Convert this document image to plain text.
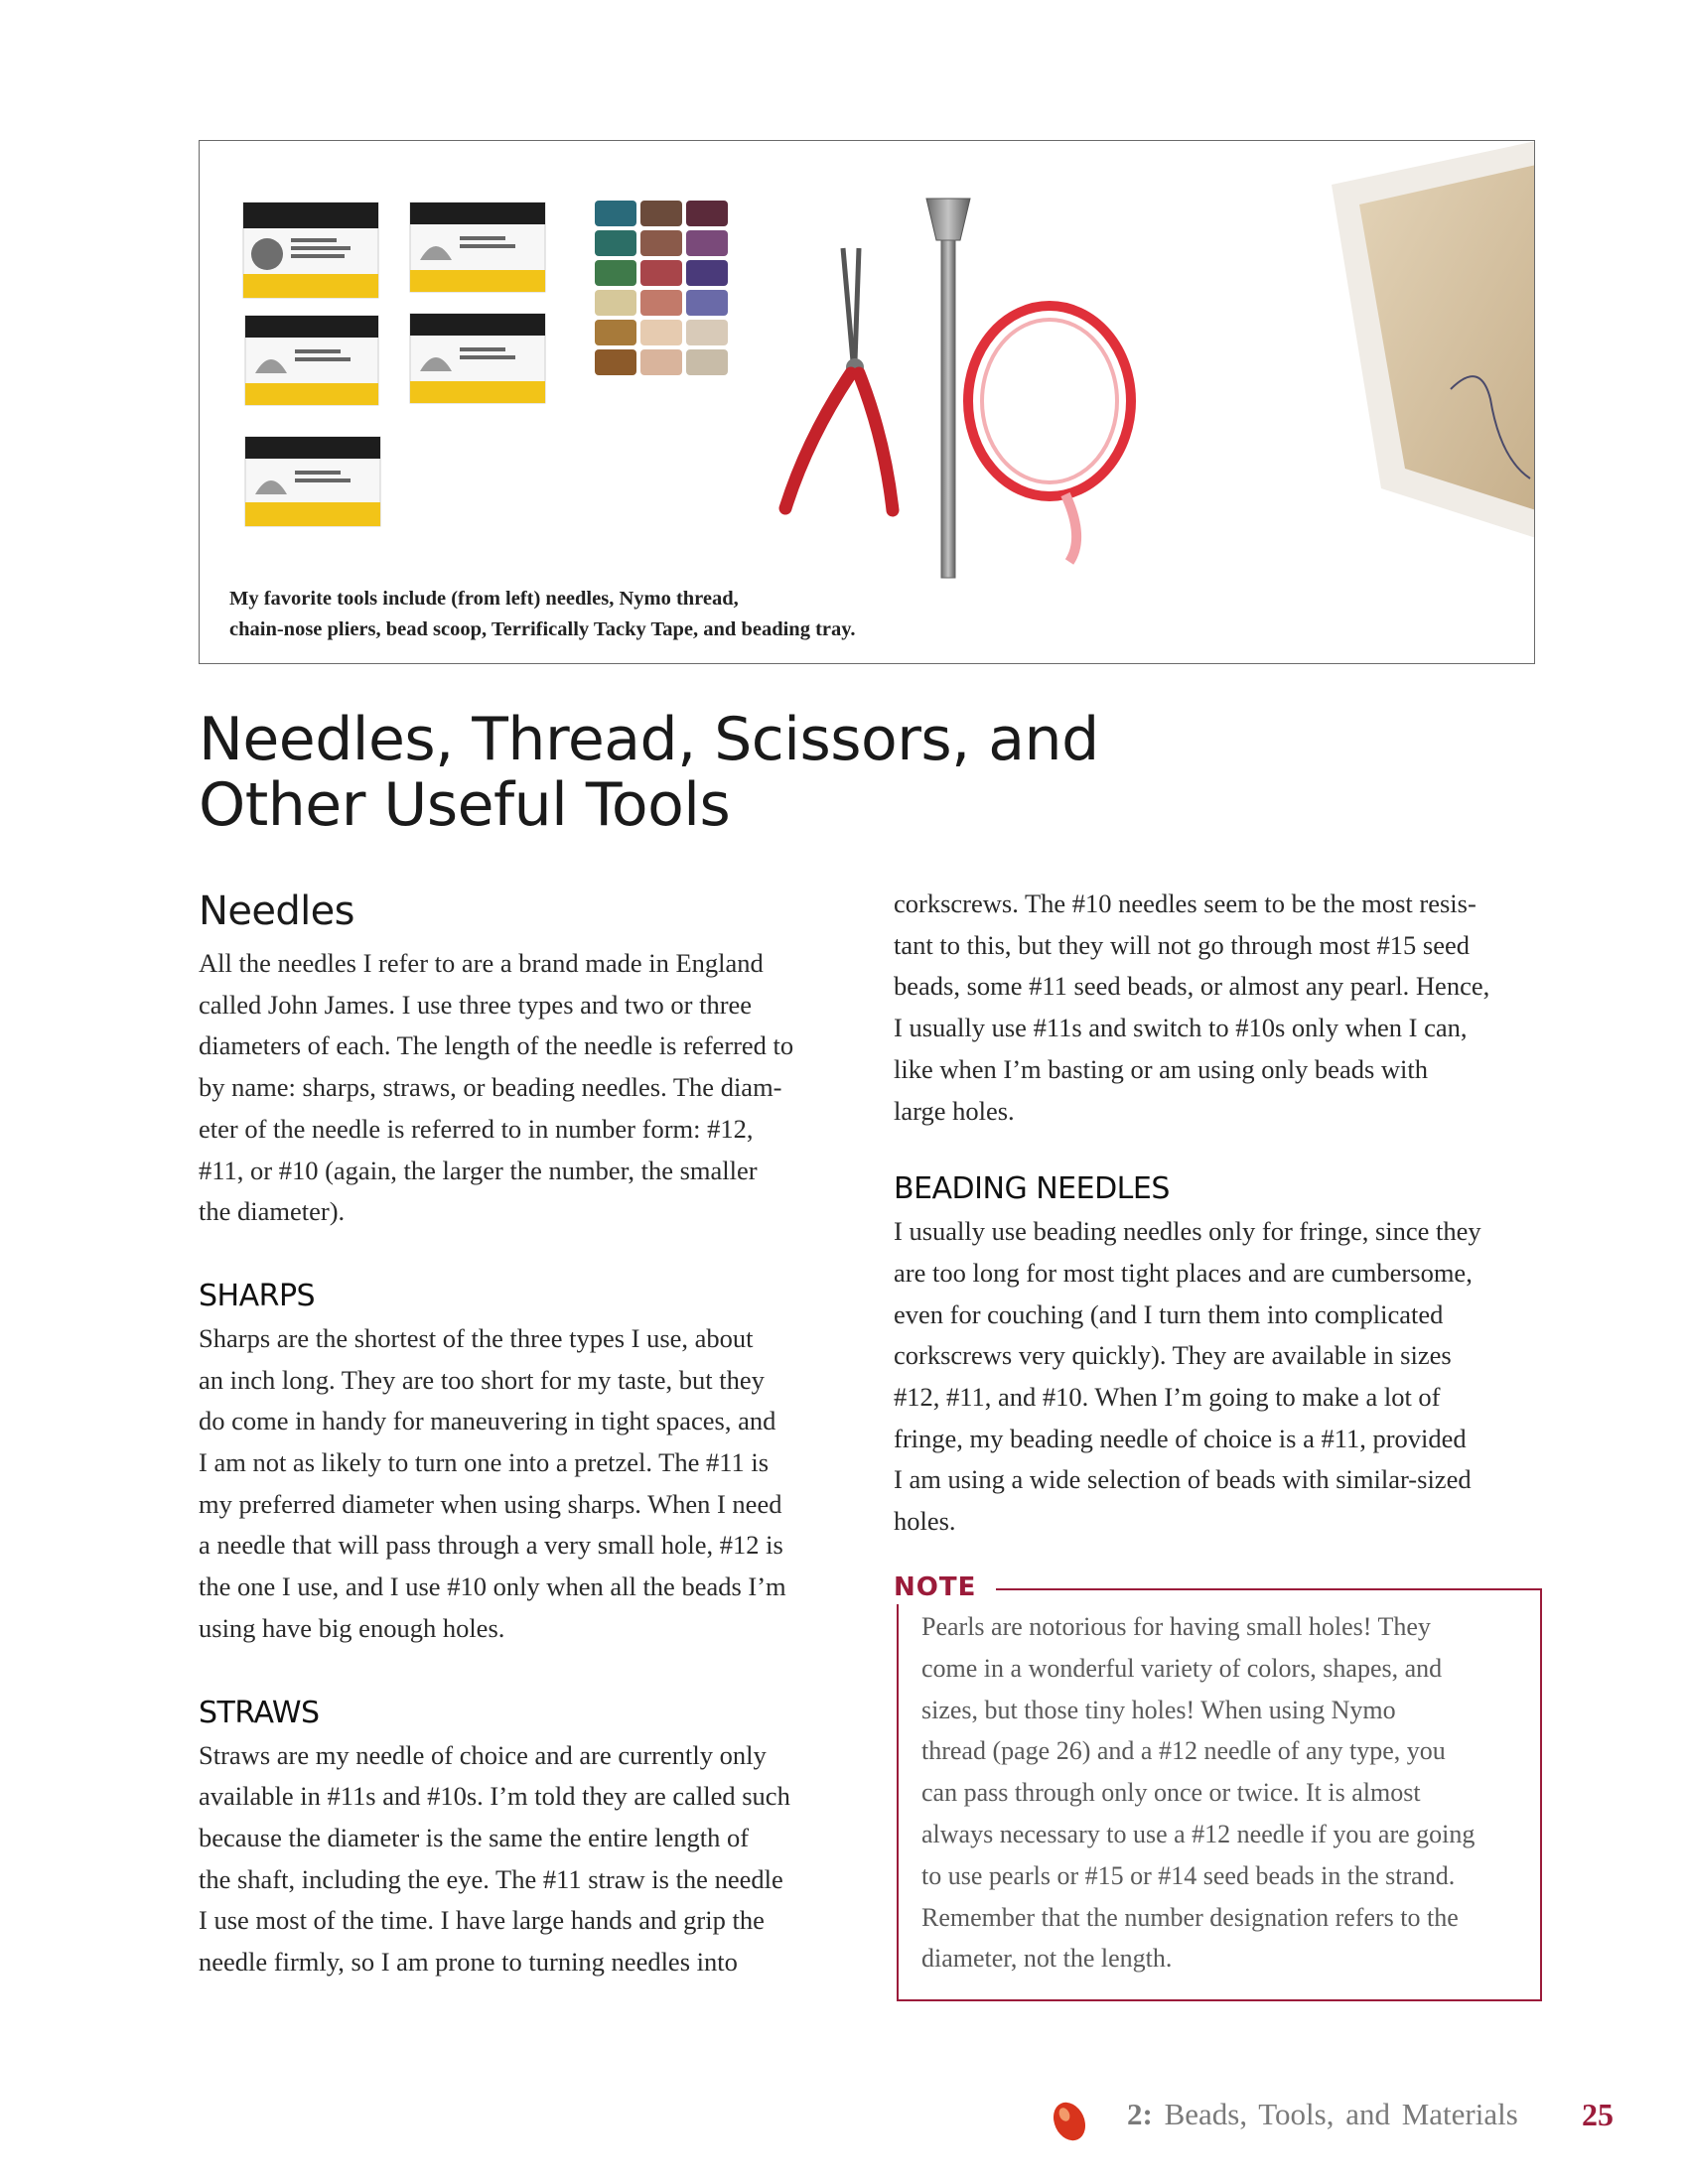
My favorite tools include (from left) needles, Nymo thread,
chain-nose pliers, bead scoop, Terrifically Tacky Tape, and beading tray.
Needles, Thread, Scissors, and
Other Useful Tools
Needles

All the needles I refer to are a brand made in England
called John James. I use three types and two or three
diameters of each. The length of the needle is referred to
by name: sharps, straws, or beading needles. The diam-
eter of the needle is referred to in number form: #12,
#11, or #10 (again, the larger the number, the smaller
the diameter).

SHARPS

Sharps are the shortest of the three types I use, about
an inch long. They are too short for my taste, but they
do come in handy for maneuvering in tight spaces, and
I am not as likely to turn one into a pretzel. The #11 is
my preferred diameter when using sharps. When I need
a needle that will pass through a very small hole, #12 is
the one I use, and I use #10 only when all the beads I’m
using have big enough holes.

STRAWS

Straws are my needle of choice and are currently only
available in #11s and #10s. I’m told they are called such
because the diameter is the same the entire length of
the shaft, including the eye. The #11 straw is the needle
I use most of the time. I have large hands and grip the
needle firmly, so I am prone to turning needles into

corkscrews. The #10 needles seem to be the most resis-
tant to this, but they will not go through most #15 seed
beads, some #11 seed beads, or almost any pearl. Hence,
I usually use #11s and switch to #10s only when I can,
like when I’m basting or am using only beads with
large holes.

BEADING NEEDLES

I usually use beading needles only for fringe, since they
are too long for most tight places and are cumbersome,
even for couching (and I turn them into complicated
corkscrews very quickly). They are available in sizes
#12, #11, and #10. When I’m going to make a lot of
fringe, my beading needle of choice is a #11, provided
I am using a wide selection of beads with similar-sized
holes.

NOTE
Pearls are notorious for having small holes! They
come in a wonderful variety of colors, shapes, and
sizes, but those tiny holes! When using Nymo
thread (page 26) and a #12 needle of any type, you
can pass through only once or twice. It is almost
always necessary to use a #12 needle if you are going
to use pearls or #15 or #14 seed beads in the strand.
Remember that the number designation refers to the
diameter, not the length.
2: Beads, Tools, and Materials 25
